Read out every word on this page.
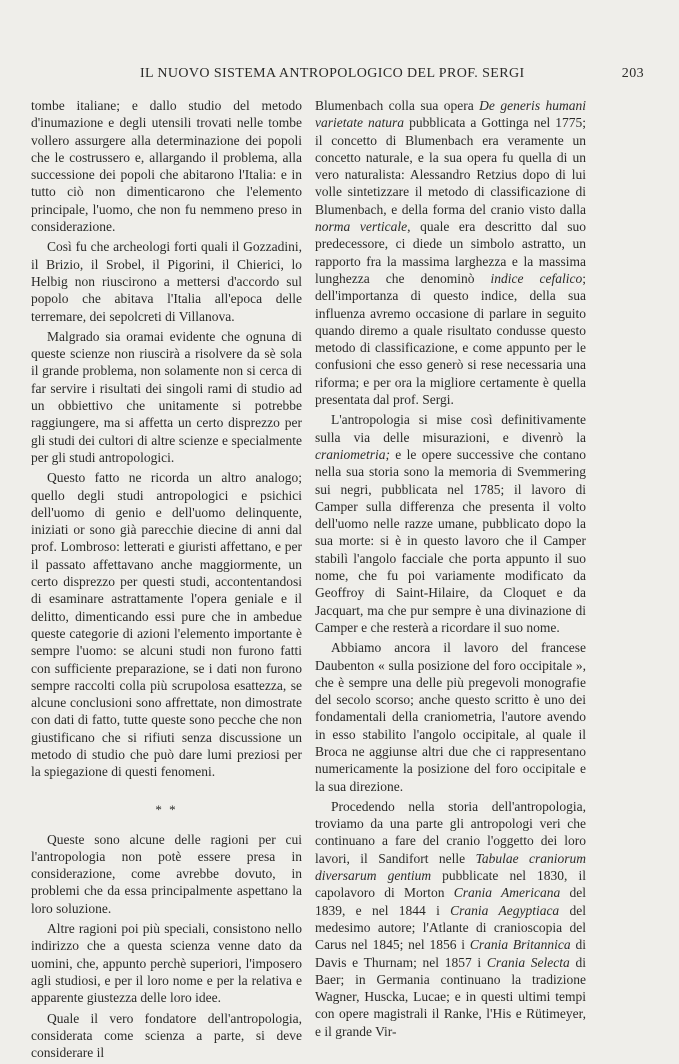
IL NUOVO SISTEMA ANTROPOLOGICO DEL PROF. SERGI	203

tombe italiane; e dallo studio del metodo d'inumazione e degli utensili trovati nelle tombe vollero assurgere alla determinazione dei popoli che le costrussero e, allargando il problema, alla successione dei popoli che abitarono l'Italia: e in tutto ciò non dimenticarono che l'elemento principale, l'uomo, che non fu nemmeno preso in considerazione.

Così fu che archeologi forti quali il Gozzadini, il Brizio, il Srobel, il Pigorini, il Chierici, lo Helbig non riuscirono a mettersi d'accordo sul popolo che abitava l'Italia all'epoca delle terremare, dei sepolcreti di Villanova.

Malgrado sia oramai evidente che ognuna di queste scienze non riuscirà a risolvere da sè sola il grande problema, non solamente non si cerca di far servire i risultati dei singoli rami di studio ad un obbiettivo che unitamente si potrebbe raggiungere, ma si affetta un certo disprezzo per gli studi dei cultori di altre scienze e specialmente per gli studi antropologici.

Questo fatto ne ricorda un altro analogo; quello degli studi antropologici e psichici dell'uomo di genio e dell'uomo delinquente, iniziati or sono già parecchie diecine di anni dal prof. Lombroso: letterati e giuristi affettano, e per il passato affettavano anche maggiormente, un certo disprezzo per questi studi, accontentandosi di esaminare astrattamente l'opera geniale e il delitto, dimenticando essi pure che in ambedue queste categorie di azioni l'elemento importante è sempre l'uomo: se alcuni studi non furono fatti con sufficiente preparazione, se i dati non furono sempre raccolti colla più scrupolosa esattezza, se alcune conclusioni sono affrettate, non dimostrate con dati di fatto, tutte queste sono pecche che non giustificano che si rifiuti senza discussione un metodo di studio che può dare lumi preziosi per la spiegazione di questi fenomeni.

* *

Queste sono alcune delle ragioni per cui l'antropologia non potè essere presa in considerazione, come avrebbe dovuto, in problemi che da essa principalmente aspettano la loro soluzione.

Altre ragioni poi più speciali, consistono nello indirizzo che a questa scienza venne dato da uomini, che, appunto perchè superiori, l'imposero agli studiosi, e per il loro nome e per la relativa e apparente giustezza delle loro idee.

Quale il vero fondatore dell'antropologia, considerata come scienza a parte, si deve considerare il

Blumenbach colla sua opera De generis humani varietate natura pubblicata a Gottinga nel 1775; il concetto di Blumenbach era veramente un concetto naturale, e la sua opera fu quella di un vero naturalista: Alessandro Retzius dopo di lui volle sintetizzare il metodo di classificazione di Blumenbach, e della forma del cranio visto dalla norma verticale, quale era descritto dal suo predecessore, ci diede un simbolo astratto, un rapporto fra la massima larghezza e la massima lunghezza che denominò indice cefalico; dell'importanza di questo indice, della sua influenza avremo occasione di parlare in seguito quando diremo a quale risultato condusse questo metodo di classificazione, e come appunto per le confusioni che esso generò si rese necessaria una riforma; e per ora la migliore certamente è quella presentata dal prof. Sergi.

L'antropologia si mise così definitivamente sulla via delle misurazioni, e divenrò la craniometria; e le opere successive che contano nella sua storia sono la memoria di Svemmering sui negri, pubblicata nel 1785; il lavoro di Camper sulla differenza che presenta il volto dell'uomo nelle razze umane, pubblicato dopo la sua morte: si è in questo lavoro che il Camper stabilì l'angolo facciale che porta appunto il suo nome, che fu poi variamente modificato da Geoffroy di Saint-Hilaire, da Cloquet e da Jacquart, ma che pur sempre è una divinazione di Camper e che resterà a ricordare il suo nome.

Abbiamo ancora il lavoro del francese Daubenton « sulla posizione del foro occipitale », che è sempre una delle più pregevoli monografie del secolo scorso; anche questo scritto è uno dei fondamentali della craniometria, l'autore avendo in esso stabilito l'angolo occipitale, al quale il Broca ne aggiunse altri due che ci rappresentano numericamente la posizione del foro occipitale e la sua direzione.

Procedendo nella storia dell'antropologia, troviamo da una parte gli antropologi veri che continuano a fare del cranio l'oggetto dei loro lavori, il Sandifort nelle Tabulae craniorum diversarum gentium pubblicate nel 1830, il capolavoro di Morton Crania Americana del 1839, e nel 1844 i Crania Aegyptiaca del medesimo autore; l'Atlante di cranioscopia del Carus nel 1845; nel 1856 i Crania Britannica di Davis e Thurnam; nel 1857 i Crania Selecta di Baer; in Germania continuano la tradizione Wagner, Huscka, Lucae; e in questi ultimi tempi con opere magistrali il Ranke, l'His e Rütimeyer, e il grande Vir-
